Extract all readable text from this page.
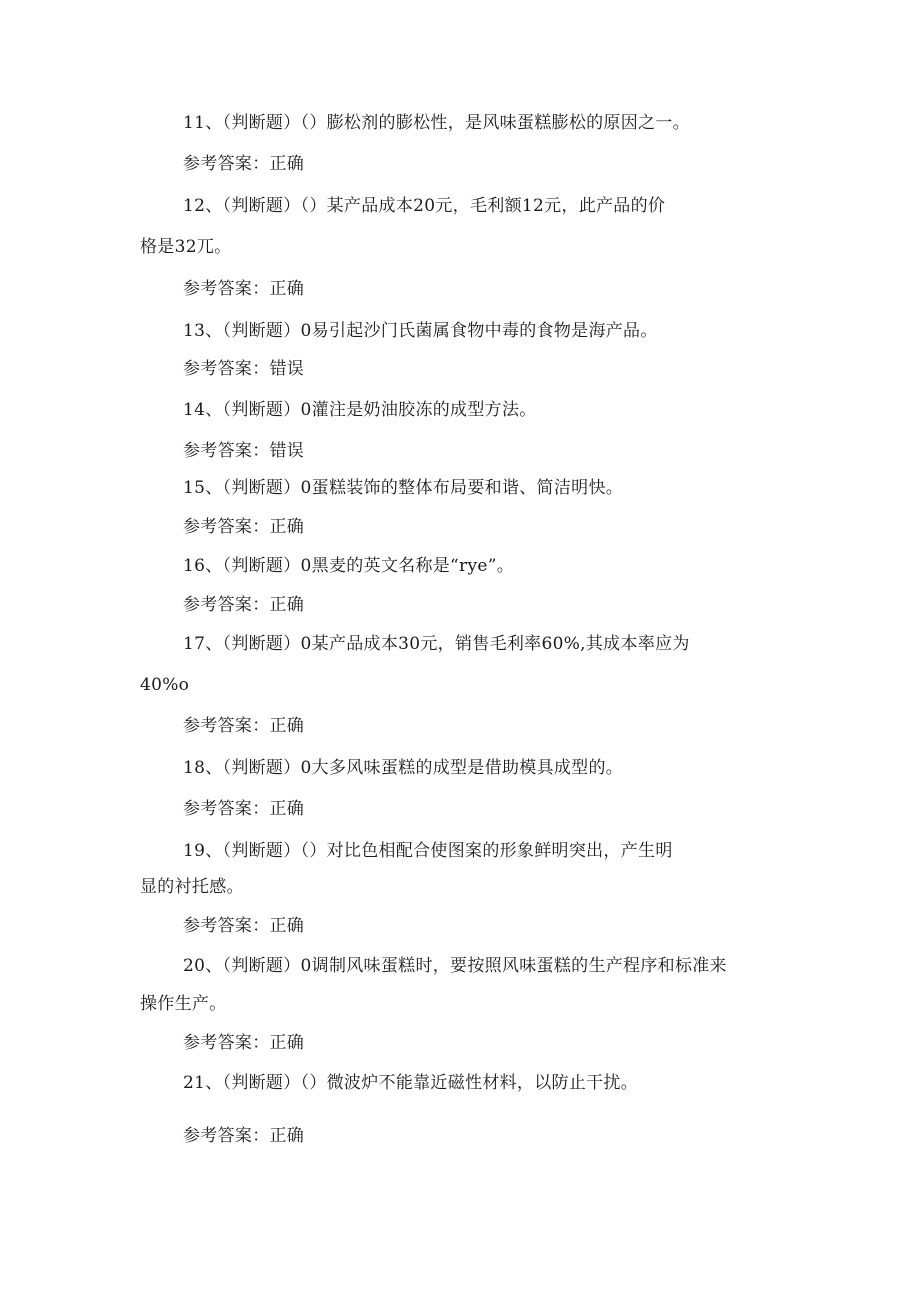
11、（判断题）（）膨松剂的膨松性，是风味蛋糕膨松的原因之一。
参考答案：正确
12、（判断题）（）某产品成本20元，毛利额12元，此产品的价
格是32兀。
参考答案：正确
13、（判断题）0易引起沙门氏菌属食物中毒的食物是海产品。
参考答案：错误
14、（判断题）0灌注是奶油胶冻的成型方法。
参考答案：错误
15、（判断题）0蛋糕装饰的整体布局要和谐、简洁明快。
参考答案：正确
16、（判断题）0黑麦的英文名称是“rye”。
参考答案：正确
17、（判断题）0某产品成本30元，销售毛利率60%,其成本率应为
40%o
参考答案：正确
18、（判断题）0大多风味蛋糕的成型是借助模具成型的。
参考答案：正确
19、（判断题）（）对比色相配合使图案的形象鲜明突出，产生明
显的衬托感。
参考答案：正确
20、（判断题）0调制风味蛋糕时，要按照风味蛋糕的生产程序和标准来
操作生产。
参考答案：正确
21、（判断题）（）微波炉不能靠近磁性材料，以防止干扰。
参考答案：正确
